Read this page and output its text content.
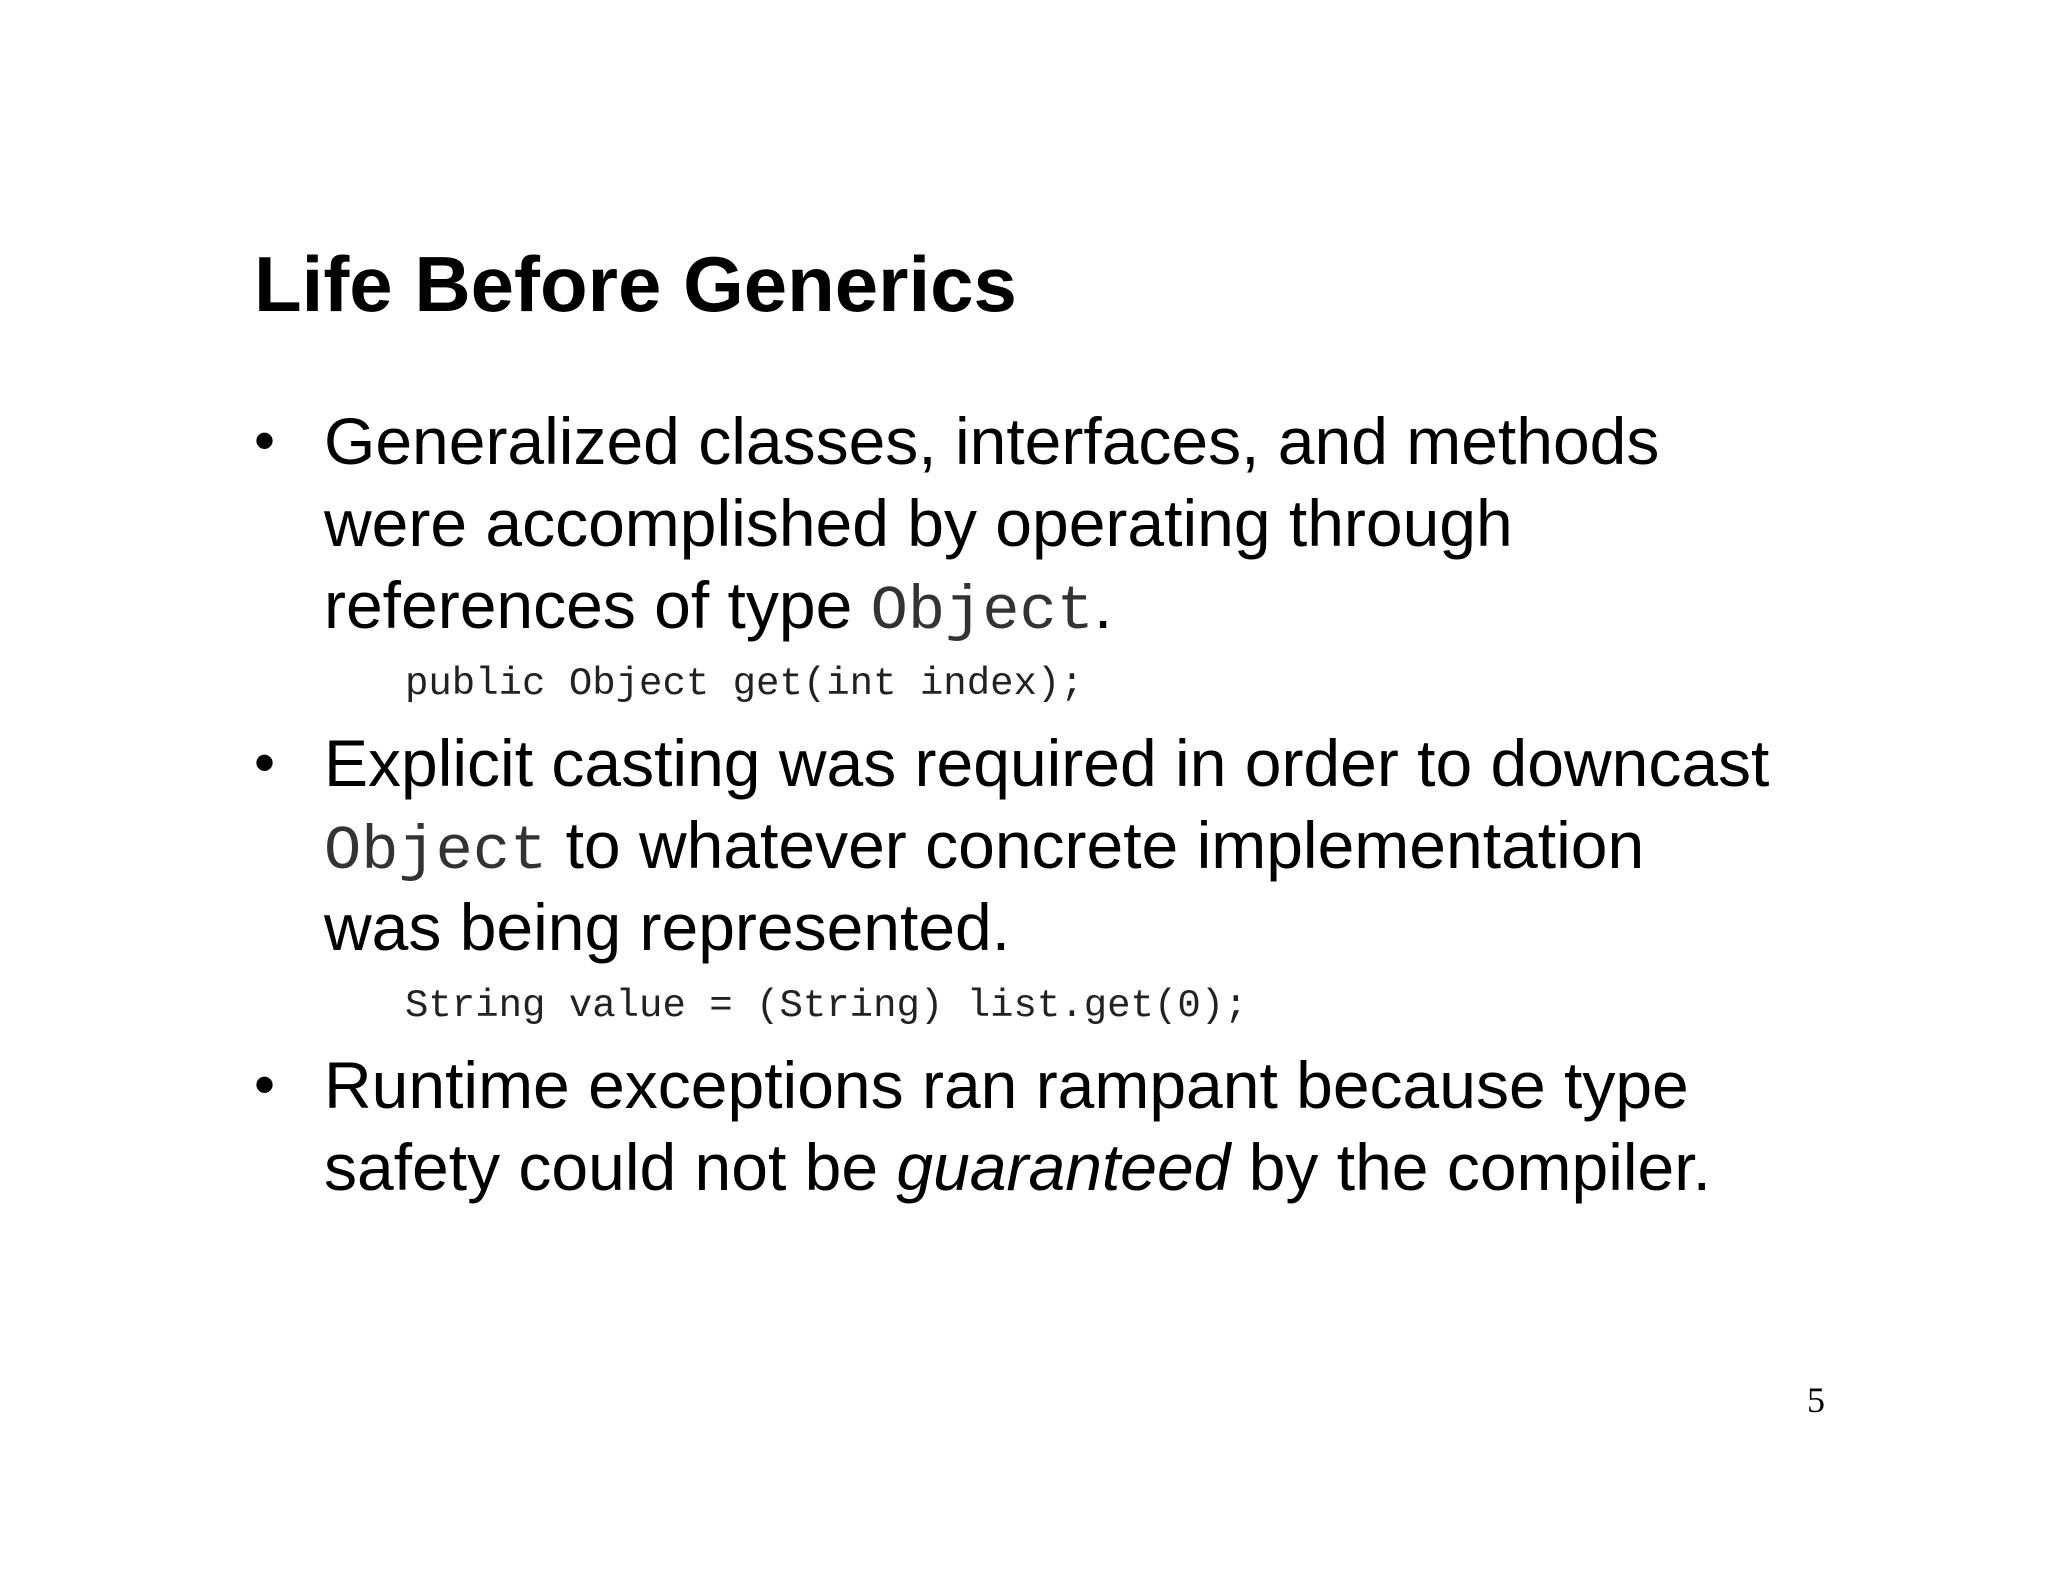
Life Before Generics
• Generalized classes, interfaces, and methods
were accomplished by operating through
references of type Object.
public Object get(int index);
• Explicit casting was required in order to downcast
Object to whatever concrete implementation
was being represented.
String value = (String) list.get(0);
• Runtime exceptions ran rampant because type
safety could not be guaranteed by the compiler.
5
